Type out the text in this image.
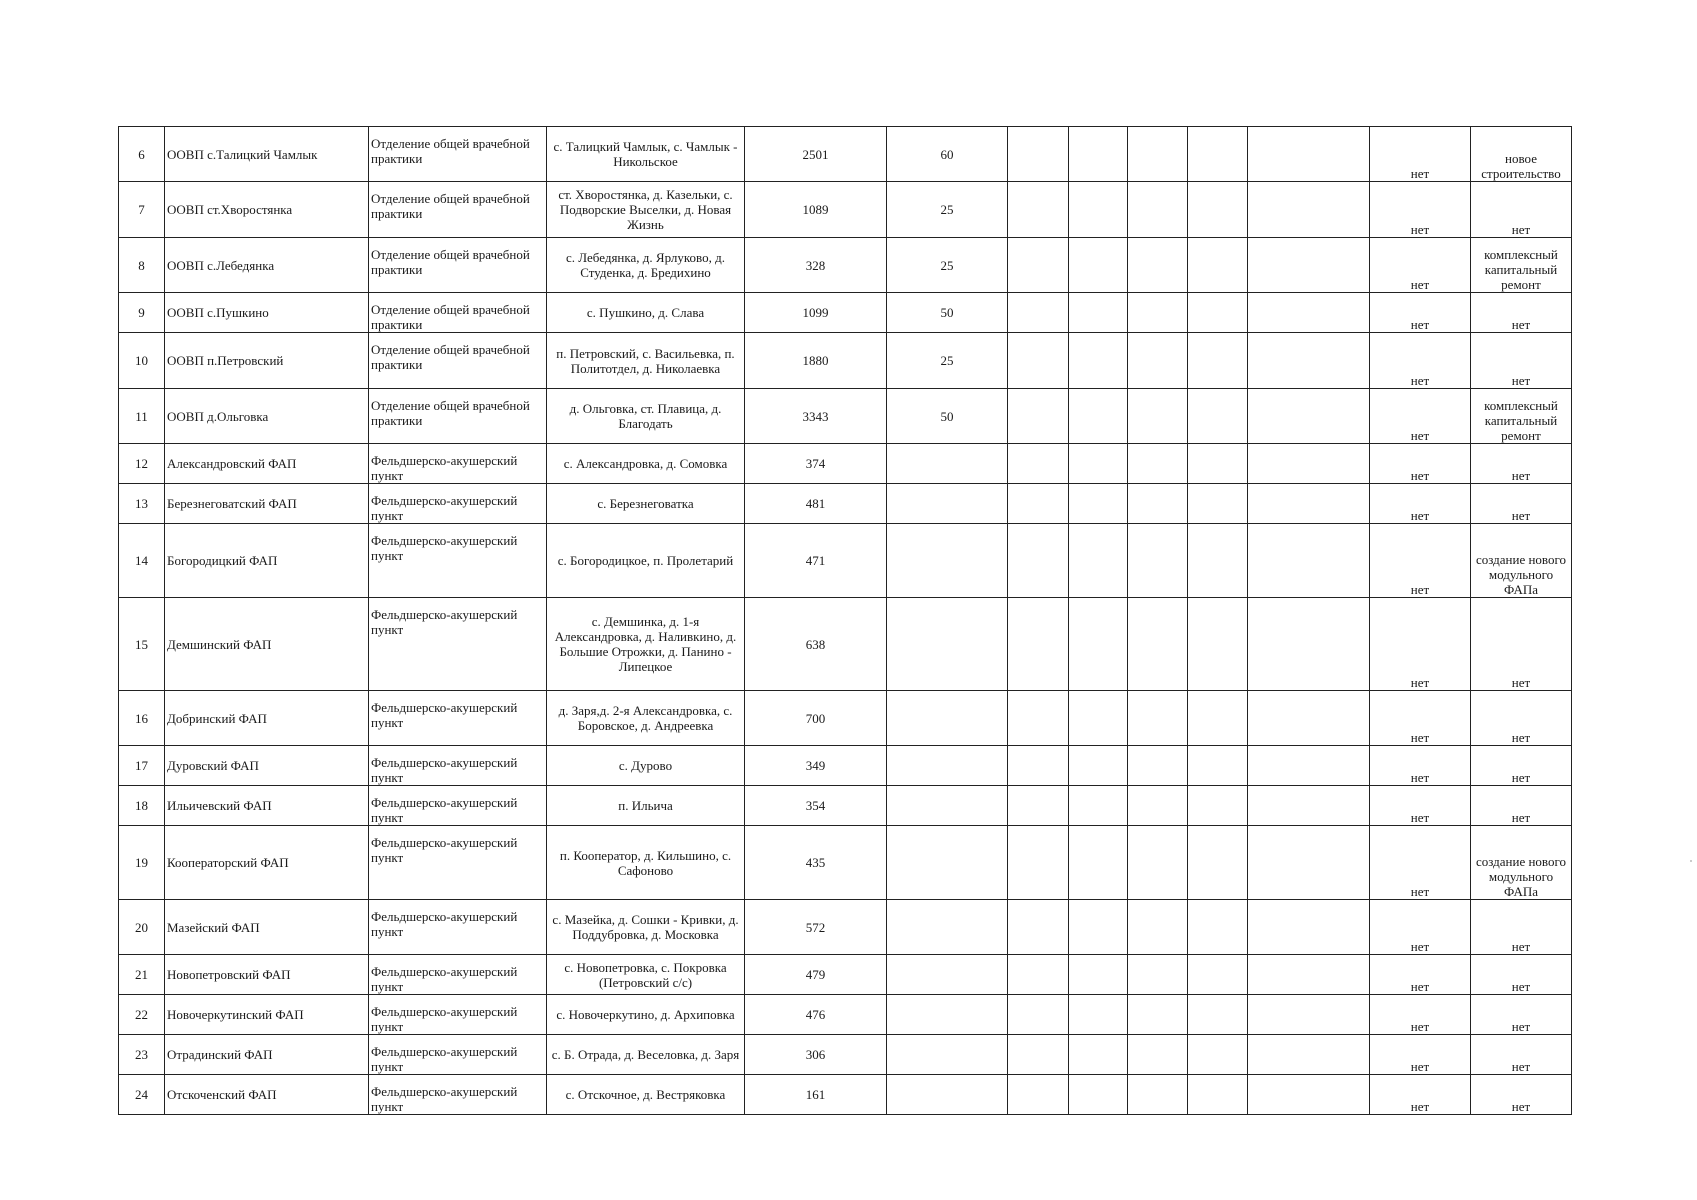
6	ООВП с.Талицкий Чамлык	Отделение общей врачебной практики	с. Талицкий Чамлык, с. Чамлык - Никольское	2501	60						нет	новое строительство
7	ООВП ст.Хворостянка	Отделение общей врачебной практики	ст. Хворостянка, д. Казельки, с. Подворские Выселки, д. Новая Жизнь	1089	25						нет	нет
8	ООВП с.Лебедянка	Отделение общей врачебной практики	с. Лебедянка, д. Ярлуково, д. Студенка, д. Бредихино	328	25						нет	комплексный капитальный ремонт
9	ООВП с.Пушкино	Отделение общей врачебной практики	с. Пушкино, д. Слава	1099	50						нет	нет
10	ООВП п.Петровский	Отделение общей врачебной практики	п. Петровский, с. Васильевка, п. Политотдел, д. Николаевка	1880	25						нет	нет
11	ООВП д.Ольговка	Отделение общей врачебной практики	д. Ольговка, ст. Плавица, д. Благодать	3343	50						нет	комплексный капитальный ремонт
12	Александровский ФАП	Фельдшерско-акушерский пункт	с. Александровка, д. Сомовка	374							нет	нет
13	Березнеговатский ФАП	Фельдшерско-акушерский пункт	с. Березнеговатка	481							нет	нет
14	Богородицкий ФАП	Фельдшерско-акушерский пункт	с. Богородицкое, п. Пролетарий	471							нет	создание нового модульного ФАПа
15	Демшинский ФАП	Фельдшерско-акушерский пункт	с. Демшинка, д. 1-я Александровка, д. Наливкино, д. Большие Отрожки, д. Панино - Липецкое	638							нет	нет
16	Добринский ФАП	Фельдшерско-акушерский пункт	д. Заря,д. 2-я Александровка, с. Боровское, д. Андреевка	700							нет	нет
17	Дуровский ФАП	Фельдшерско-акушерский пункт	с. Дурово	349							нет	нет
18	Ильичевский ФАП	Фельдшерско-акушерский пункт	п. Ильича	354							нет	нет
19	Кооператорский ФАП	Фельдшерско-акушерский пункт	п. Кооператор, д. Кильшино, с. Сафоново	435							нет	создание нового модульного ФАПа
20	Мазейский ФАП	Фельдшерско-акушерский пункт	с. Мазейка, д. Сошки - Кривки, д. Поддубровка, д. Московка	572							нет	нет
21	Новопетровский ФАП	Фельдшерско-акушерский пункт	с. Новопетровка, с. Покровка (Петровский с/с)	479							нет	нет
22	Новочеркутинский ФАП	Фельдшерско-акушерский пункт	с. Новочеркутино, д. Архиповка	476							нет	нет
23	Отрадинский ФАП	Фельдшерско-акушерский пункт	с. Б. Отрада, д. Веселовка, д. Заря	306							нет	нет
24	Отскоченский ФАП	Фельдшерско-акушерский пункт	с. Отскочное, д. Вестряковка	161							нет	нет
